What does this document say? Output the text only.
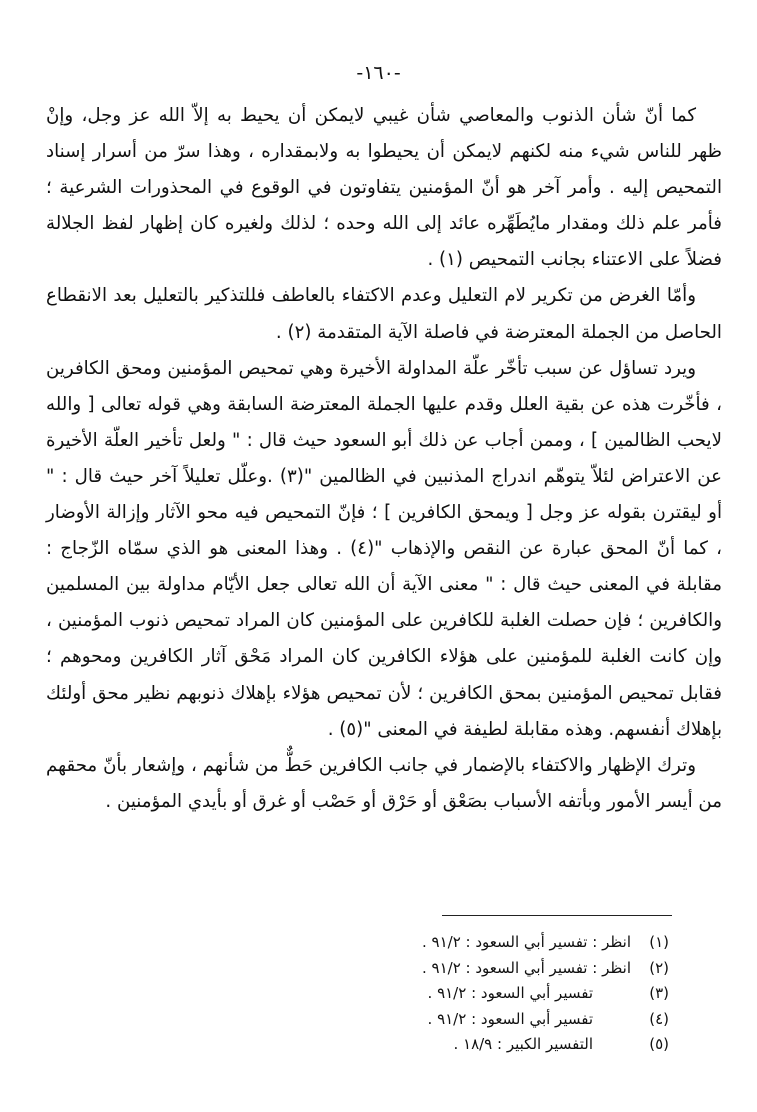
-١٦٠-

كما أنّ شأن الذنوب والمعاصي شأن غيبي لايمكن أن يحيط به إلاّ الله عز وجل، وإنْ ظهر للناس شيء منه لكنهم لايمكن أن يحيطوا به ولابمقداره ، وهذا سرّ من أسرار إسناد التمحيص إليه . وأمر آخر هو أنّ المؤمنين يتفاوتون في الوقوع في المحذورات الشرعية ؛ فأمر علم ذلك ومقدار مايُطَهِّره عائد إلى الله وحده ؛ لذلك ولغيره كان إظهار لفظ الجلالة فضلاً على الاعتناء بجانب التمحيص (١) .

وأمّا الغرض من تكرير لام التعليل وعدم الاكتفاء بالعاطف فللتذكير بالتعليل بعد الانقطاع الحاصل من الجملة المعترضة في فاصلة الآية المتقدمة (٢) .

ويرد تساؤل عن سبب تأخّر علّة المداولة الأخيرة وهي تمحيص المؤمنين ومحق الكافرين ، فأخّرت هذه عن بقية العلل وقدم عليها الجملة المعترضة السابقة وهي قوله تعالى [ والله لايحب الظالمين ] ، وممن أجاب عن ذلك أبو السعود حيث قال : " ولعل تأخير العلّة الأخيرة عن الاعتراض لئلاّ يتوهّم اندراج المذنبين في الظالمين "(٣) .وعلّل تعليلاً آخر حيث قال : " أو ليقترن بقوله عز وجل [ ويمحق الكافرين ] ؛ فإنّ التمحيص فيه محو الآثار وإزالة الأوضار ، كما أنّ المحق عبارة عن النقص والإذهاب "(٤) . وهذا المعنى هو الذي سمّاه الزّجاج : مقابلة في المعنى حيث قال : " معنى الآية أن الله تعالى جعل الأيّام مداولة بين المسلمين والكافرين ؛ فإن حصلت الغلبة للكافرين على المؤمنين كان المراد تمحيص ذنوب المؤمنين ، وإن كانت الغلبة للمؤمنين على هؤلاء الكافرين كان المراد مَحْق آثار الكافرين ومحوهم ؛ فقابل تمحيص المؤمنين بمحق الكافرين ؛ لأن تمحيص هؤلاء بإهلاك ذنوبهم نظير محق أولئك بإهلاك أنفسهم. وهذه مقابلة لطيفة في المعنى "(٥) .

وترك الإظهار والاكتفاء بالإضمار في جانب الكافرين حَطٌّ من شأنهم ، وإشعار بأنّ محقهم من أيسر الأمور وبأتفه الأسباب بصَعْق أو حَرْق أو حَصْب أو غرق أو بأيدي المؤمنين .

(١)
انظر : تفسير أبي السعود : ٩١/٢ .
(٢)
انظر : تفسير أبي السعود : ٩١/٢ .
(٣)
تفسير أبي السعود : ٩١/٢ .
(٤)
تفسير أبي السعود : ٩١/٢ .
(٥)
التفسير الكبير : ١٨/٩ .
